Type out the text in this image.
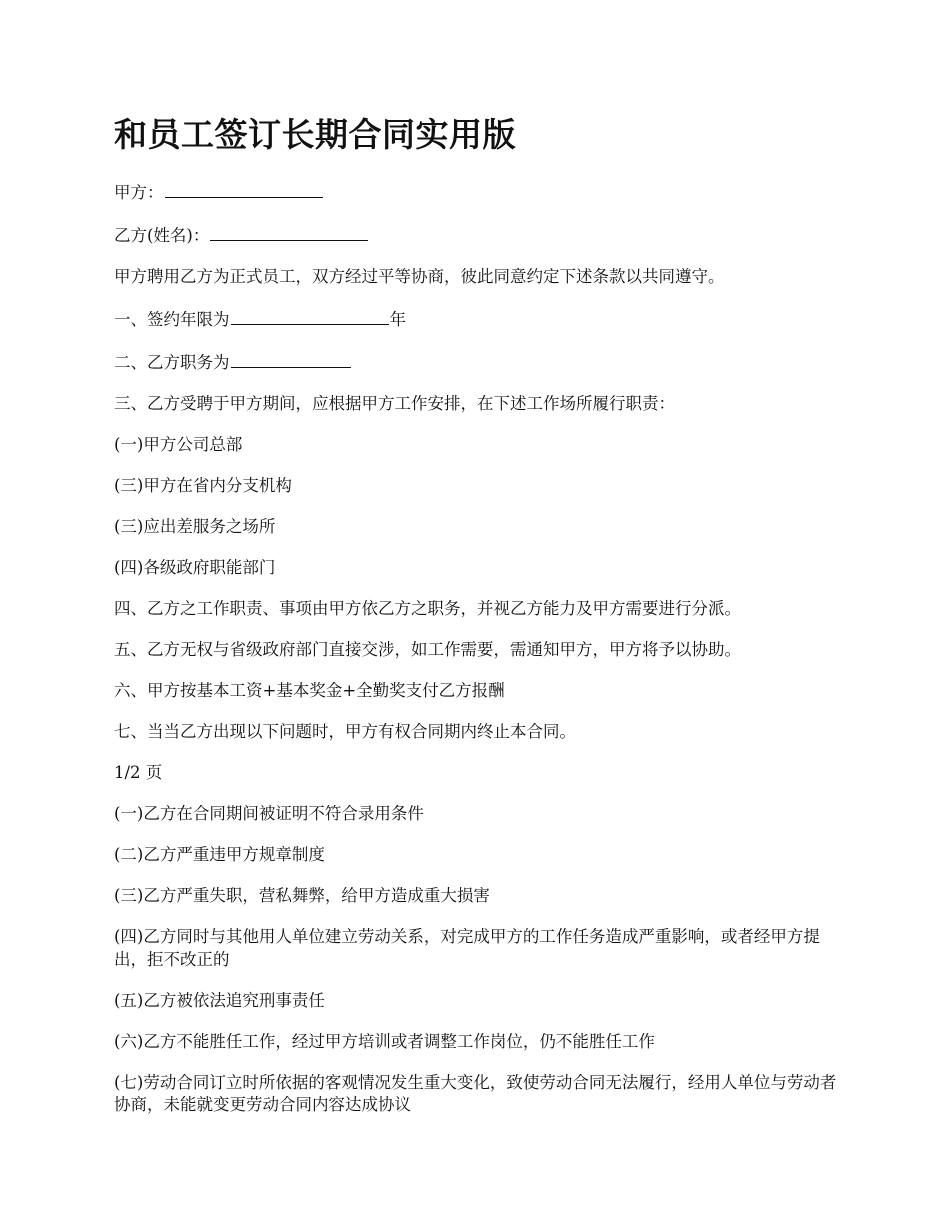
和员工签订长期合同实用版

甲方：

乙方(姓名)：

甲方聘用乙方为正式员工，双方经过平等协商，彼此同意约定下述条款以共同遵守。

一、签约年限为	年

二、乙方职务为

三、乙方受聘于甲方期间，应根据甲方工作安排，在下述工作场所履行职责：

(一)甲方公司总部

(三)甲方在省内分支机构

(三)应出差服务之场所

(四)各级政府职能部门

四、乙方之工作职责、事项由甲方依乙方之职务，并视乙方能力及甲方需要进行分派。

五、乙方无权与省级政府部门直接交涉，如工作需要，需通知甲方，甲方将予以协助。

六、甲方按基本工资+基本奖金+全勤奖支付乙方报酬

七、当当乙方出现以下问题时，甲方有权合同期内终止本合同。

1/2 页

(一)乙方在合同期间被证明不符合录用条件

(二)乙方严重违甲方规章制度

(三)乙方严重失职，营私舞弊，给甲方造成重大损害

(四)乙方同时与其他用人单位建立劳动关系，对完成甲方的工作任务造成严重影响，或者经甲方提出，拒不改正的

(五)乙方被依法追究刑事责任

(六)乙方不能胜任工作，经过甲方培训或者调整工作岗位，仍不能胜任工作

(七)劳动合同订立时所依据的客观情况发生重大变化，致使劳动合同无法履行，经用人单位与劳动者协商，未能就变更劳动合同内容达成协议
